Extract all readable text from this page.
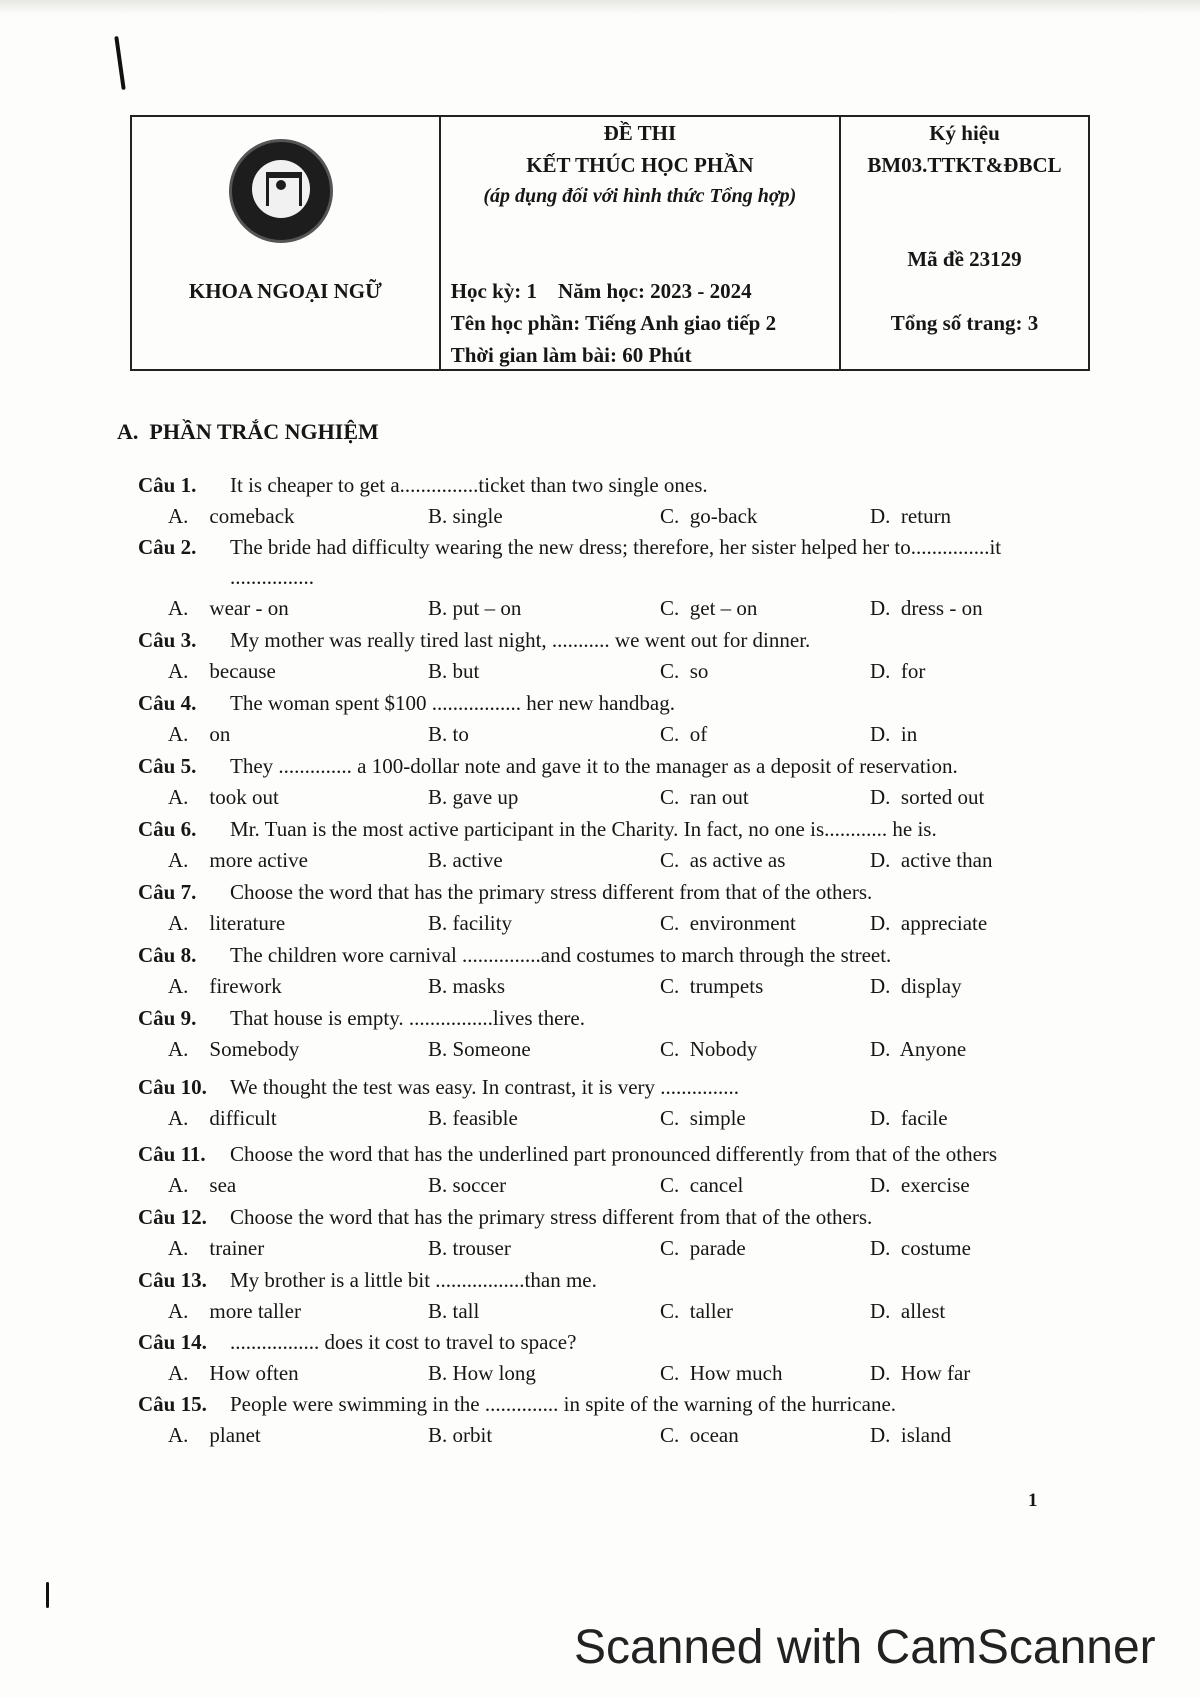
KHOA NGOẠI NGỮ

ĐỀ THI
KẾT THÚC HỌC PHẦN
(áp dụng đối với hình thức Tổng hợp)
Học kỳ: 1    Năm học: 2023 - 2024
Tên học phần: Tiếng Anh giao tiếp 2
Thời gian làm bài: 60 Phút

Ký hiệu
BM03.TTKT&ĐBCL
Mã đề 23129
Tổng số trang: 3
A.  PHẦN TRẮC NGHIỆM
Câu 1. It is cheaper to get a...............ticket than two single ones.
A.    comeback	B. single	C.  go-back	D.  return
Câu 2. The bride had difficulty wearing the new dress; therefore, her sister helped her to...............it
................
A.    wear - on	B. put – on	C.  get – on	D.  dress - on
Câu 3. My mother was really tired last night, ........... we went out for dinner.
A.    because	B. but	C.  so	D.  for
Câu 4. The woman spent $100 ................. her new handbag.
A.    on	B. to	C.  of	D.  in
Câu 5. They .............. a 100-dollar note and gave it to the manager as a deposit of reservation.
A.    took out	B. gave up	C.  ran out	D.  sorted out
Câu 6. Mr. Tuan is the most active participant in the Charity. In fact, no one is............ he is.
A.    more active	B. active	C.  as active as	D.  active than
Câu 7. Choose the word that has the primary stress different from that of the others.
A.    literature	B. facility	C.  environment	D.  appreciate
Câu 8. The children wore carnival ...............and costumes to march through the street.
A.    firework	B. masks	C.  trumpets	D.  display
Câu 9. That house is empty. ................lives there.
A.    Somebody	B. Someone	C.  Nobody	D.  Anyone
Câu 10. We thought the test was easy. In contrast, it is very ...............
A.    difficult	B. feasible	C.  simple	D.  facile
Câu 11. Choose the word that has the underlined part pronounced differently from that of the others
A.    sea	B. soccer	C.  cancel	D.  exercise
Câu 12. Choose the word that has the primary stress different from that of the others.
A.    trainer	B. trouser	C.  parade	D.  costume
Câu 13. My brother is a little bit .................than me.
A.    more taller	B. tall	C.  taller	D.  allest
Câu 14. ................. does it cost to travel to space?
A.    How often	B. How long	C.  How much	D.  How far
Câu 15. People were swimming in the .............. in spite of the warning of the hurricane.
A.    planet	B. orbit	C.  ocean	D.  island
1
Scanned with CamScanner
